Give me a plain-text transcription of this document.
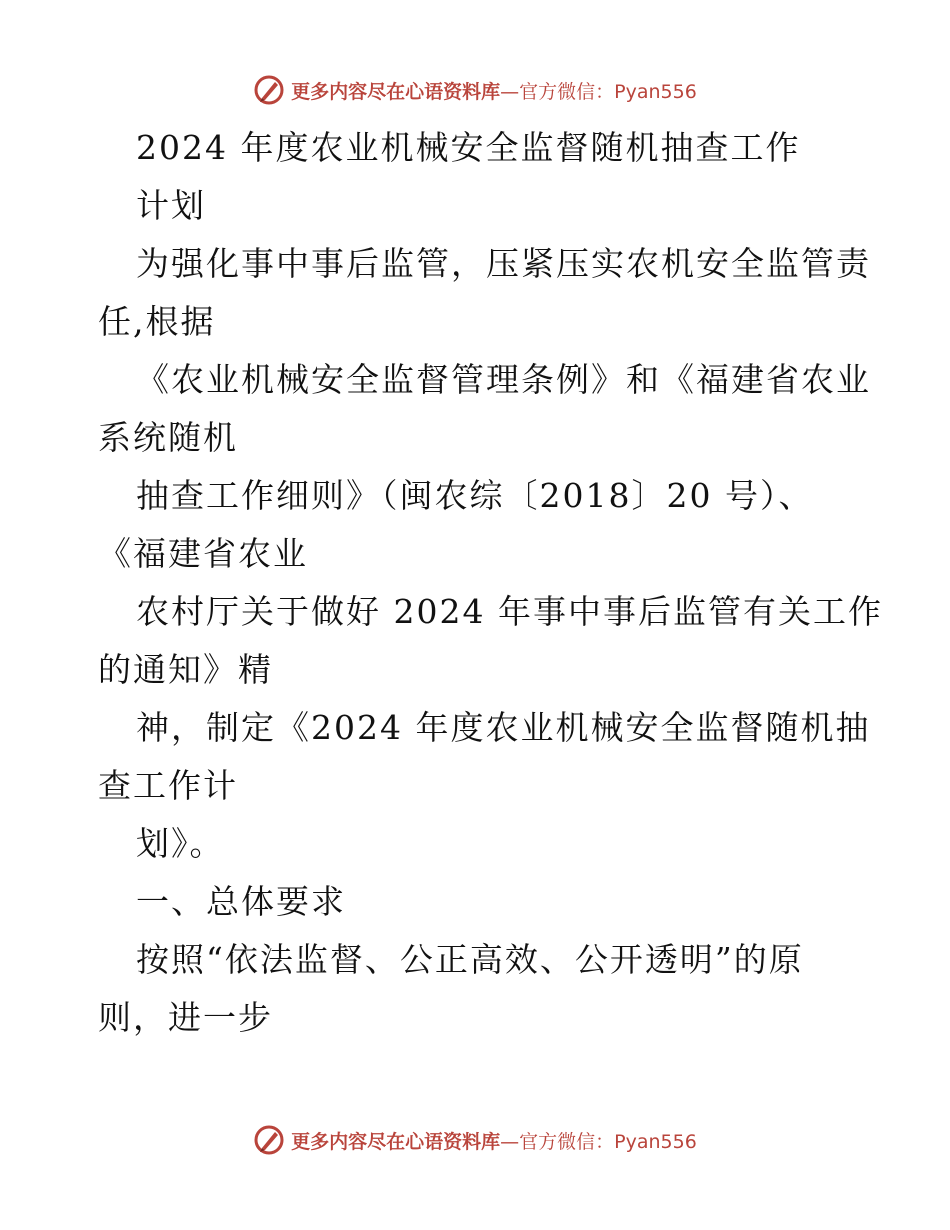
更多内容尽在心语资料库—官方微信：Pyan556
2024 年度农业机械安全监督随机抽查工作
计划
为强化事中事后监管，压紧压实农机安全监管责
任,根据
《农业机械安全监督管理条例》和《福建省农业
系统随机
抽查工作细则》（闽农综〔2018〕20 号）、
《福建省农业
农村厅关于做好 2024 年事中事后监管有关工作
的通知》精
神，制定《2024 年度农业机械安全监督随机抽
查工作计
划》。
一、总体要求
按照“依法监督、公正高效、公开透明”的原
则，进一步
更多内容尽在心语资料库—官方微信：Pyan556
